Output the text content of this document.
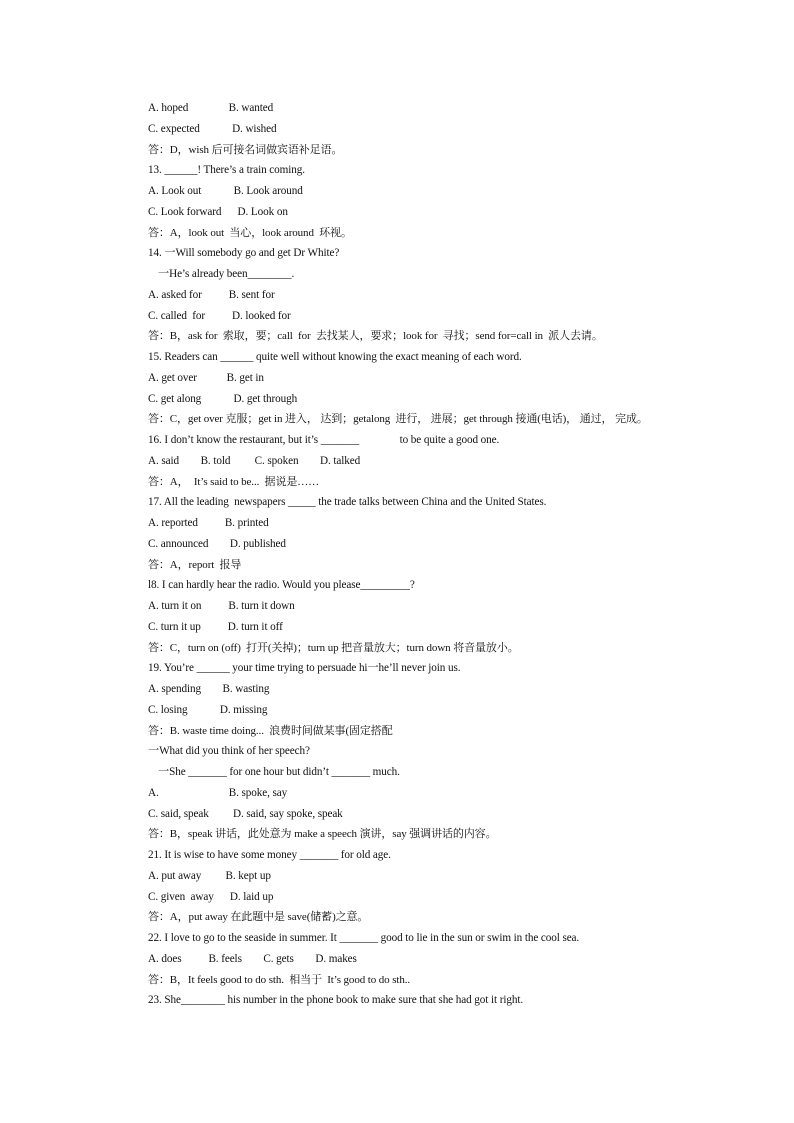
A. hoped               B. wanted
C. expected            D. wished
答：D，wish 后可接名词做宾语补足语。
13. ______! There’s a train coming.
A. Look out            B. Look around
C. Look forward      D. Look on
答：A，look out  当心，look around  环视。
14. 一Will somebody go and get Dr White?
一He’s already been________.
A. asked for          B. sent for
C. called  for          D. looked for
答：B，ask for  索取，要；call  for  去找某人，要求；look for  寻找；send for=call in  派人去请。
15. Readers can ______ quite well without knowing the exact meaning of each word.
A. get over           B. get in
C. get along            D. get through
答：C，get over 克服；get in 进入， 达到；getalong  进行， 进展；get through 接通(电话)， 通过， 完成。
16. I don’t know the restaurant, but it’s _______               to be quite a good one.
A. said        B. told         C. spoken        D. talked
答：A，  It’s said to be...  据说是……
17. All the leading  newspapers _____ the trade talks between China and the United States.
A. reported          B. printed
C. announced        D. published
答：A，report  报导
l8. I can hardly hear the radio. Would you please_________?
A. turn it on          B. turn it down
C. turn it up          D. turn it off
答：C，turn on (off)  打开(关掉)；turn up 把音量放大；turn down 将音量放小。
19. You’re ______ your time trying to persuade hi一he’ll never join us.
A. spending        B. wasting
C. losing            D. missing
答：B. waste time doing...  浪费时间做某事(固定搭配
一What did you think of her speech?
一She _______ for one hour but didn’t _______ much.
A.                          B. spoke, say
C. said, speak         D. said, say spoke, speak
答：B，speak 讲话，此处意为 make a speech 演讲，say 强调讲话的内容。
21. It is wise to have some money _______ for old age.
A. put away         B. kept up
C. given  away      D. laid up
答：A，put away 在此题中是 save(储蓄)之意。
22. I love to go to the seaside in summer. It _______ good to lie in the sun or swim in the cool sea.
A. does          B. feels        C. gets        D. makes
答：B，It feels good to do sth.  相当于  It’s good to do sth..
23. She________ his number in the phone book to make sure that she had got it right.
